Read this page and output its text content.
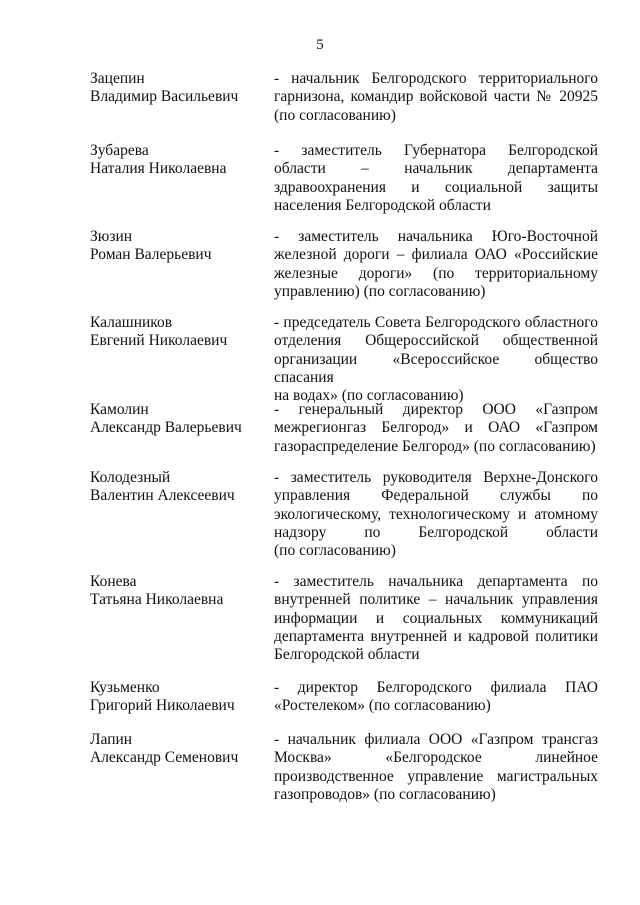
5
Зацепин
Владимир Васильевич
- начальник Белгородского территориального
гарнизона, командир войсковой части № 20925
(по согласованию)
Зубарева
Наталия Николаевна
- заместитель Губернатора Белгородской
области – начальник департамента
здравоохранения и социальной защиты
населения Белгородской области
Зюзин
Роман Валерьевич
- заместитель начальника Юго-Восточной
железной дороги – филиала ОАО «Российские
железные дороги» (по территориальному
управлению) (по согласованию)
Калашников
Евгений Николаевич
- председатель Совета Белгородского областного
отделения Общероссийской общественной
организации «Всероссийское общество спасания
на водах» (по согласованию)
Камолин
Александр Валерьевич
- генеральный директор ООО «Газпром
межрегионгаз Белгород» и ОАО «Газпром
газораспределение Белгород» (по согласованию)
Колодезный
Валентин Алексеевич
- заместитель руководителя Верхне-Донского
управления Федеральной службы по
экологическому, технологическому и атомному
надзору по Белгородской области
(по согласованию)
Конева
Татьяна Николаевна
- заместитель начальника департамента по
внутренней политике – начальник управления
информации и социальных коммуникаций
департамента внутренней и кадровой политики
Белгородской области
Кузьменко
Григорий Николаевич
- директор Белгородского филиала ПАО
«Ростелеком» (по согласованию)
Лапин
Александр Семенович
- начальник филиала ООО «Газпром трансгаз
Москва» «Белгородское линейное
производственное управление магистральных
газопроводов» (по согласованию)
